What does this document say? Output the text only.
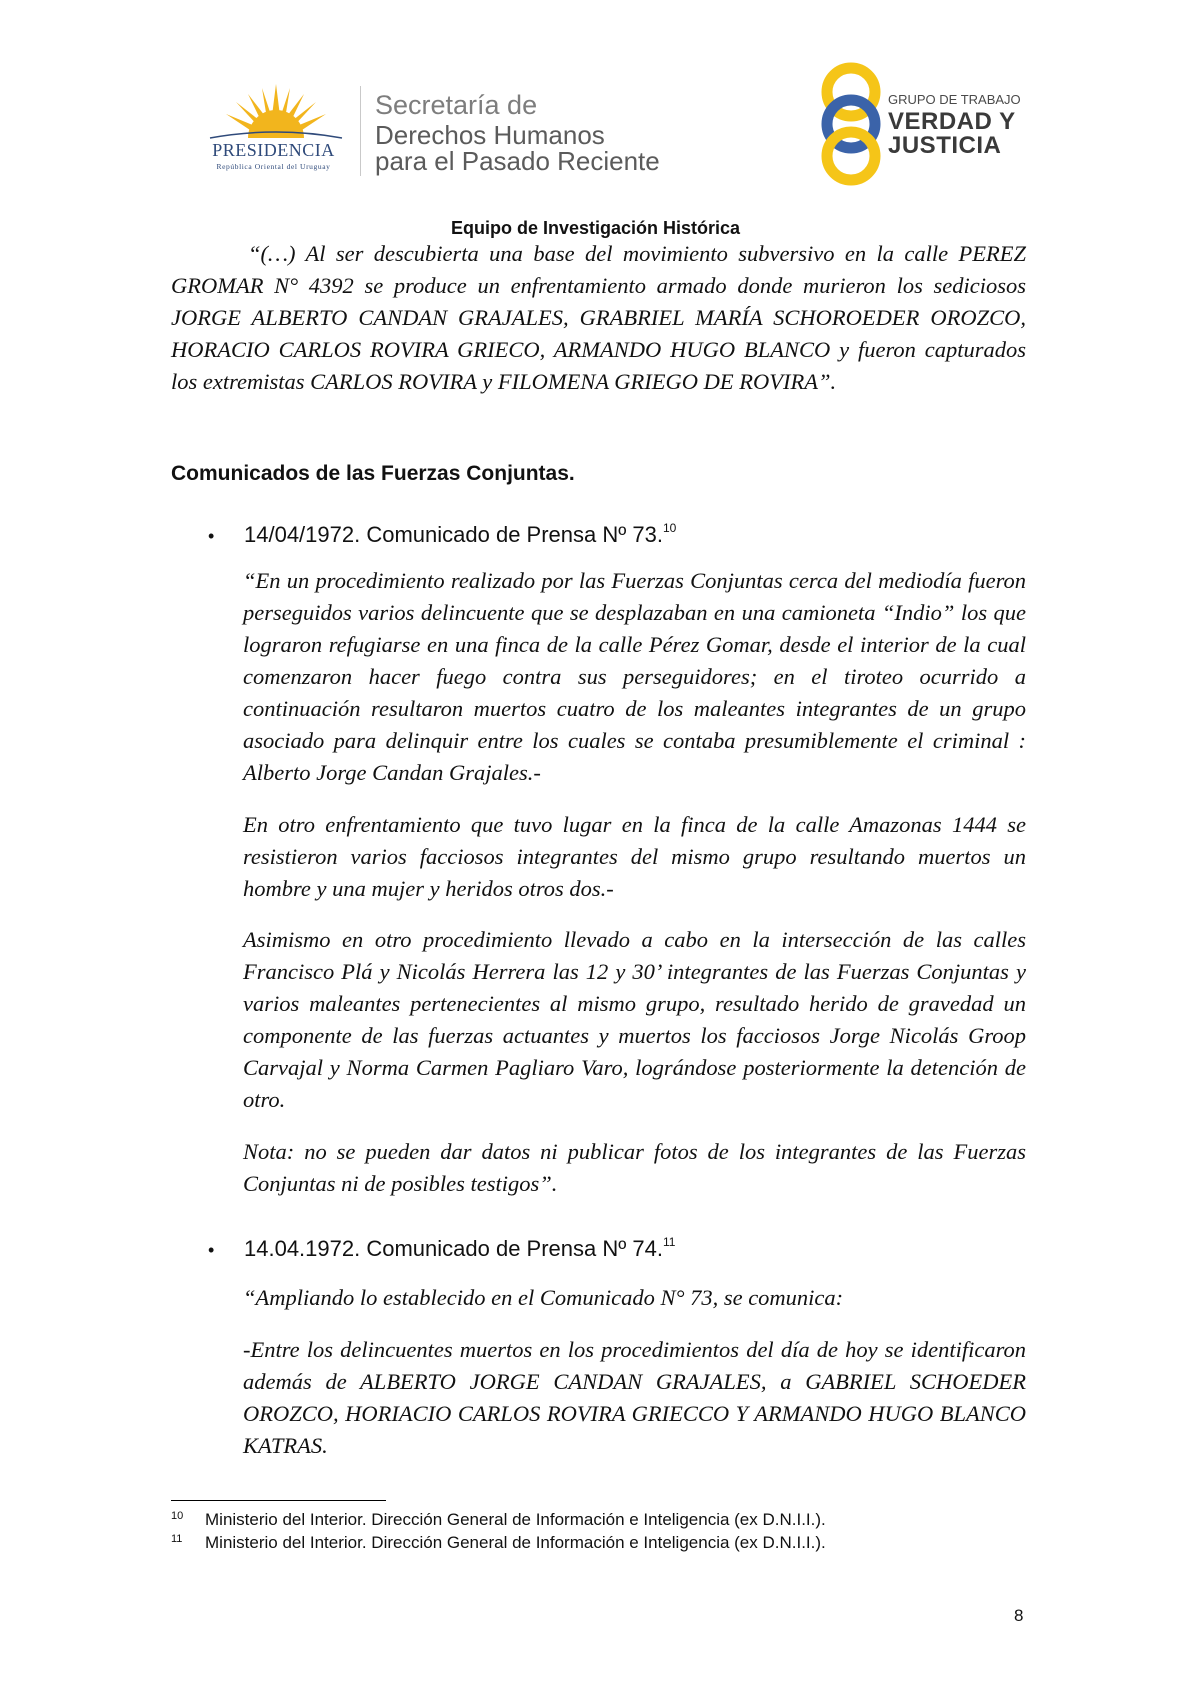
PRESIDENCIA
República Oriental del Uruguay
Secretaría de
Derechos Humanos
para el Pasado Reciente
GRUPO DE TRABAJO
VERDAD Y
JUSTICIA
Equipo de Investigación Histórica

“(…) Al ser descubierta una base del movimiento subversivo en la calle PEREZ GROMAR N° 4392 se produce un enfrentamiento armado donde murieron los sediciosos JORGE ALBERTO CANDAN GRAJALES, GRABRIEL MARÍA SCHOROEDER OROZCO, HORACIO CARLOS ROVIRA GRIECO, ARMANDO HUGO BLANCO y fueron capturados los extremistas CARLOS ROVIRA y FILOMENA GRIEGO DE ROVIRA”.

Comunicados de las Fuerzas Conjuntas.
• 14/04/1972. Comunicado de Prensa Nº 73.10

“En un procedimiento realizado por las Fuerzas Conjuntas cerca del mediodía fueron perseguidos varios delincuente que se desplazaban en una camioneta “Indio” los que lograron refugiarse en una finca de la calle Pérez Gomar, desde el interior de la cual comenzaron hacer fuego contra sus perseguidores; en el tiroteo ocurrido a continuación resultaron muertos cuatro de los maleantes integrantes de un grupo asociado para delinquir entre los cuales se contaba presumiblemente el criminal : Alberto Jorge Candan Grajales.-

En otro enfrentamiento que tuvo lugar en la finca de la calle Amazonas 1444 se resistieron varios facciosos integrantes del mismo grupo resultando muertos un hombre y una mujer y heridos otros dos.-

Asimismo en otro procedimiento llevado a cabo en la intersección de las calles Francisco Plá y Nicolás Herrera las 12 y 30’ integrantes de las Fuerzas Conjuntas y varios maleantes pertenecientes al mismo grupo, resultado herido de gravedad un componente de las fuerzas actuantes y muertos los facciosos Jorge Nicolás Groop Carvajal y Norma Carmen Pagliaro Varo, lográndose posteriormente la detención de otro.

Nota: no se pueden dar datos ni publicar fotos de los integrantes de las Fuerzas Conjuntas ni de posibles testigos”.

• 14.04.1972. Comunicado de Prensa Nº 74.11

“Ampliando lo establecido en el Comunicado N° 73, se comunica:

-Entre los delincuentes muertos en los procedimientos del día de hoy se identificaron además de ALBERTO JORGE CANDAN GRAJALES, a GABRIEL SCHOEDER OROZCO, HORIACIO CARLOS ROVIRA GRIECCO Y ARMANDO HUGO BLANCO KATRAS.

10 Ministerio del Interior. Dirección General de Información e Inteligencia (ex D.N.I.I.).
11 Ministerio del Interior. Dirección General de Información e Inteligencia (ex D.N.I.I.).
8
